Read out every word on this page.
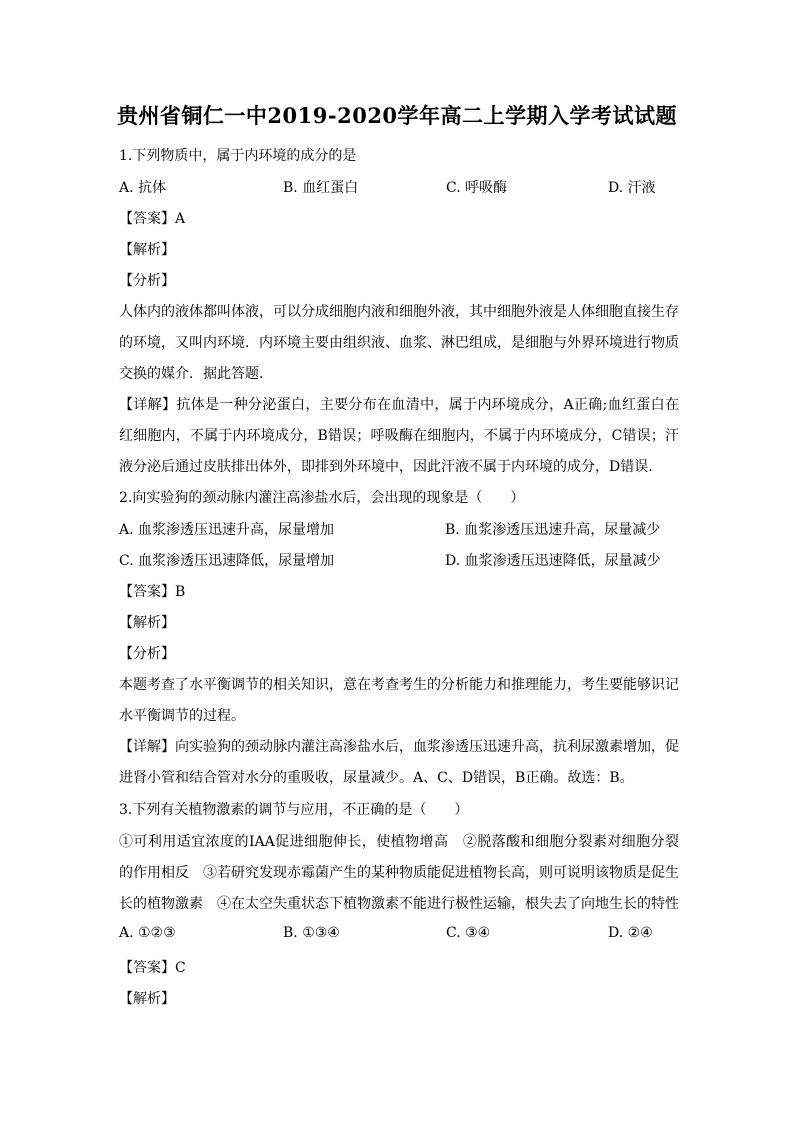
贵州省铜仁一中2019-2020学年高二上学期入学考试试题
1.下列物质中，属于内环境的成分的是
A. 抗体	B. 血红蛋白	C. 呼吸酶	D. 汗液
【答案】A
【解析】
【分析】
人体内的液体都叫体液，可以分成细胞内液和细胞外液，其中细胞外液是人体细胞直接生存
的环境，又叫内环境．内环境主要由组织液、血浆、淋巴组成，是细胞与外界环境进行物质
交换的媒介．据此答题．
【详解】抗体是一种分泌蛋白，主要分布在血清中，属于内环境成分，A正确;血红蛋白在
红细胞内，不属于内环境成分，B错误；呼吸酶在细胞内，不属于内环境成分，C错误；汗
液分泌后通过皮肤排出体外，即排到外环境中，因此汗液不属于内环境的成分，D错误．
2.向实验狗的颈动脉内灌注高渗盐水后，会出现的现象是（　　）
A. 血浆渗透压迅速升高，尿量增加	B. 血浆渗透压迅速升高，尿量减少
C. 血浆渗透压迅速降低，尿量增加	D. 血浆渗透压迅速降低，尿量减少
【答案】B
【解析】
【分析】
本题考查了水平衡调节的相关知识，意在考查考生的分析能力和推理能力，考生要能够识记
水平衡调节的过程。
【详解】向实验狗的颈动脉内灌注高渗盐水后，血浆渗透压迅速升高，抗利尿激素增加，促
进肾小管和结合管对水分的重吸收，尿量减少。A、C、D错误，B正确。故选：B。
3.下列有关植物激素的调节与应用，不正确的是（　　）
①可利用适宜浓度的IAA促进细胞伸长，使植物增高　②脱落酸和细胞分裂素对细胞分裂
的作用相反　③若研究发现赤霉菌产生的某种物质能促进植物长高，则可说明该物质是促生
长的植物激素　④在太空失重状态下植物激素不能进行极性运输，根失去了向地生长的特性
A. ①②③	B. ①③④	C. ③④	D. ②④
【答案】C
【解析】
